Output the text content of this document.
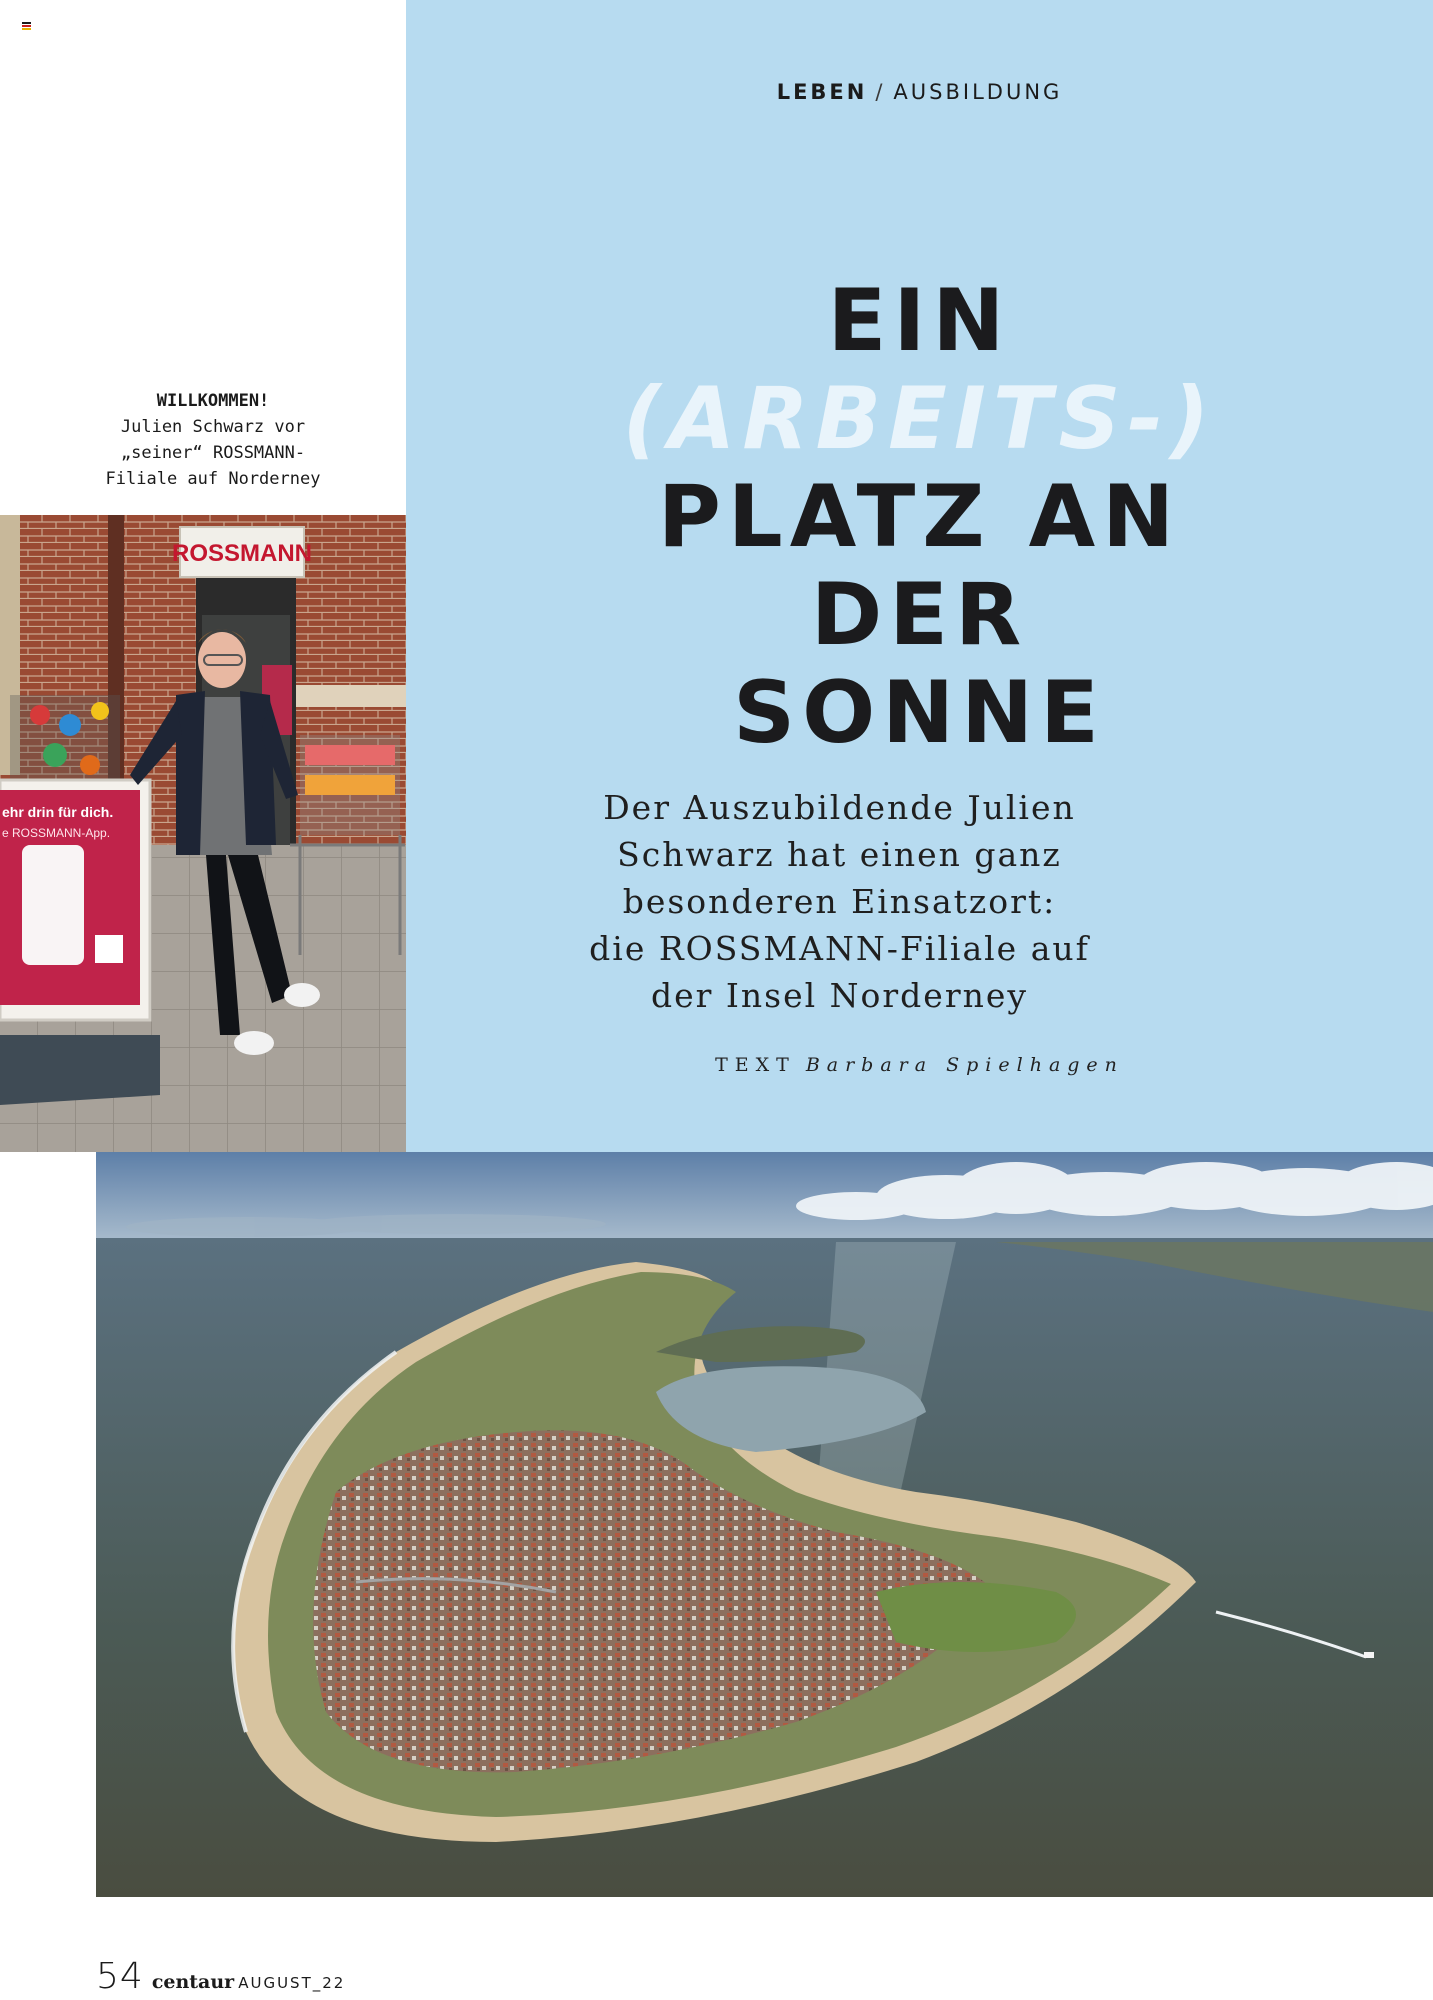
LEBEN / AUSBILDUNG
EIN
(ARBEITS-)
PLATZ AN
DER
SONNE
Der Auszubildende Julien
Schwarz hat einen ganz
besonderen Einsatzort:
die ROSSMANN-Filiale auf
der Insel Norderney
TEXT Barbara Spielhagen
WILLKOMMEN!
Julien Schwarz vor
„seiner“ ROSSMANN-
Filiale auf Norderney
ROSSMANN
ehr drin für dich.
e ROSSMANN-App.
54 centaur AUGUST_22
